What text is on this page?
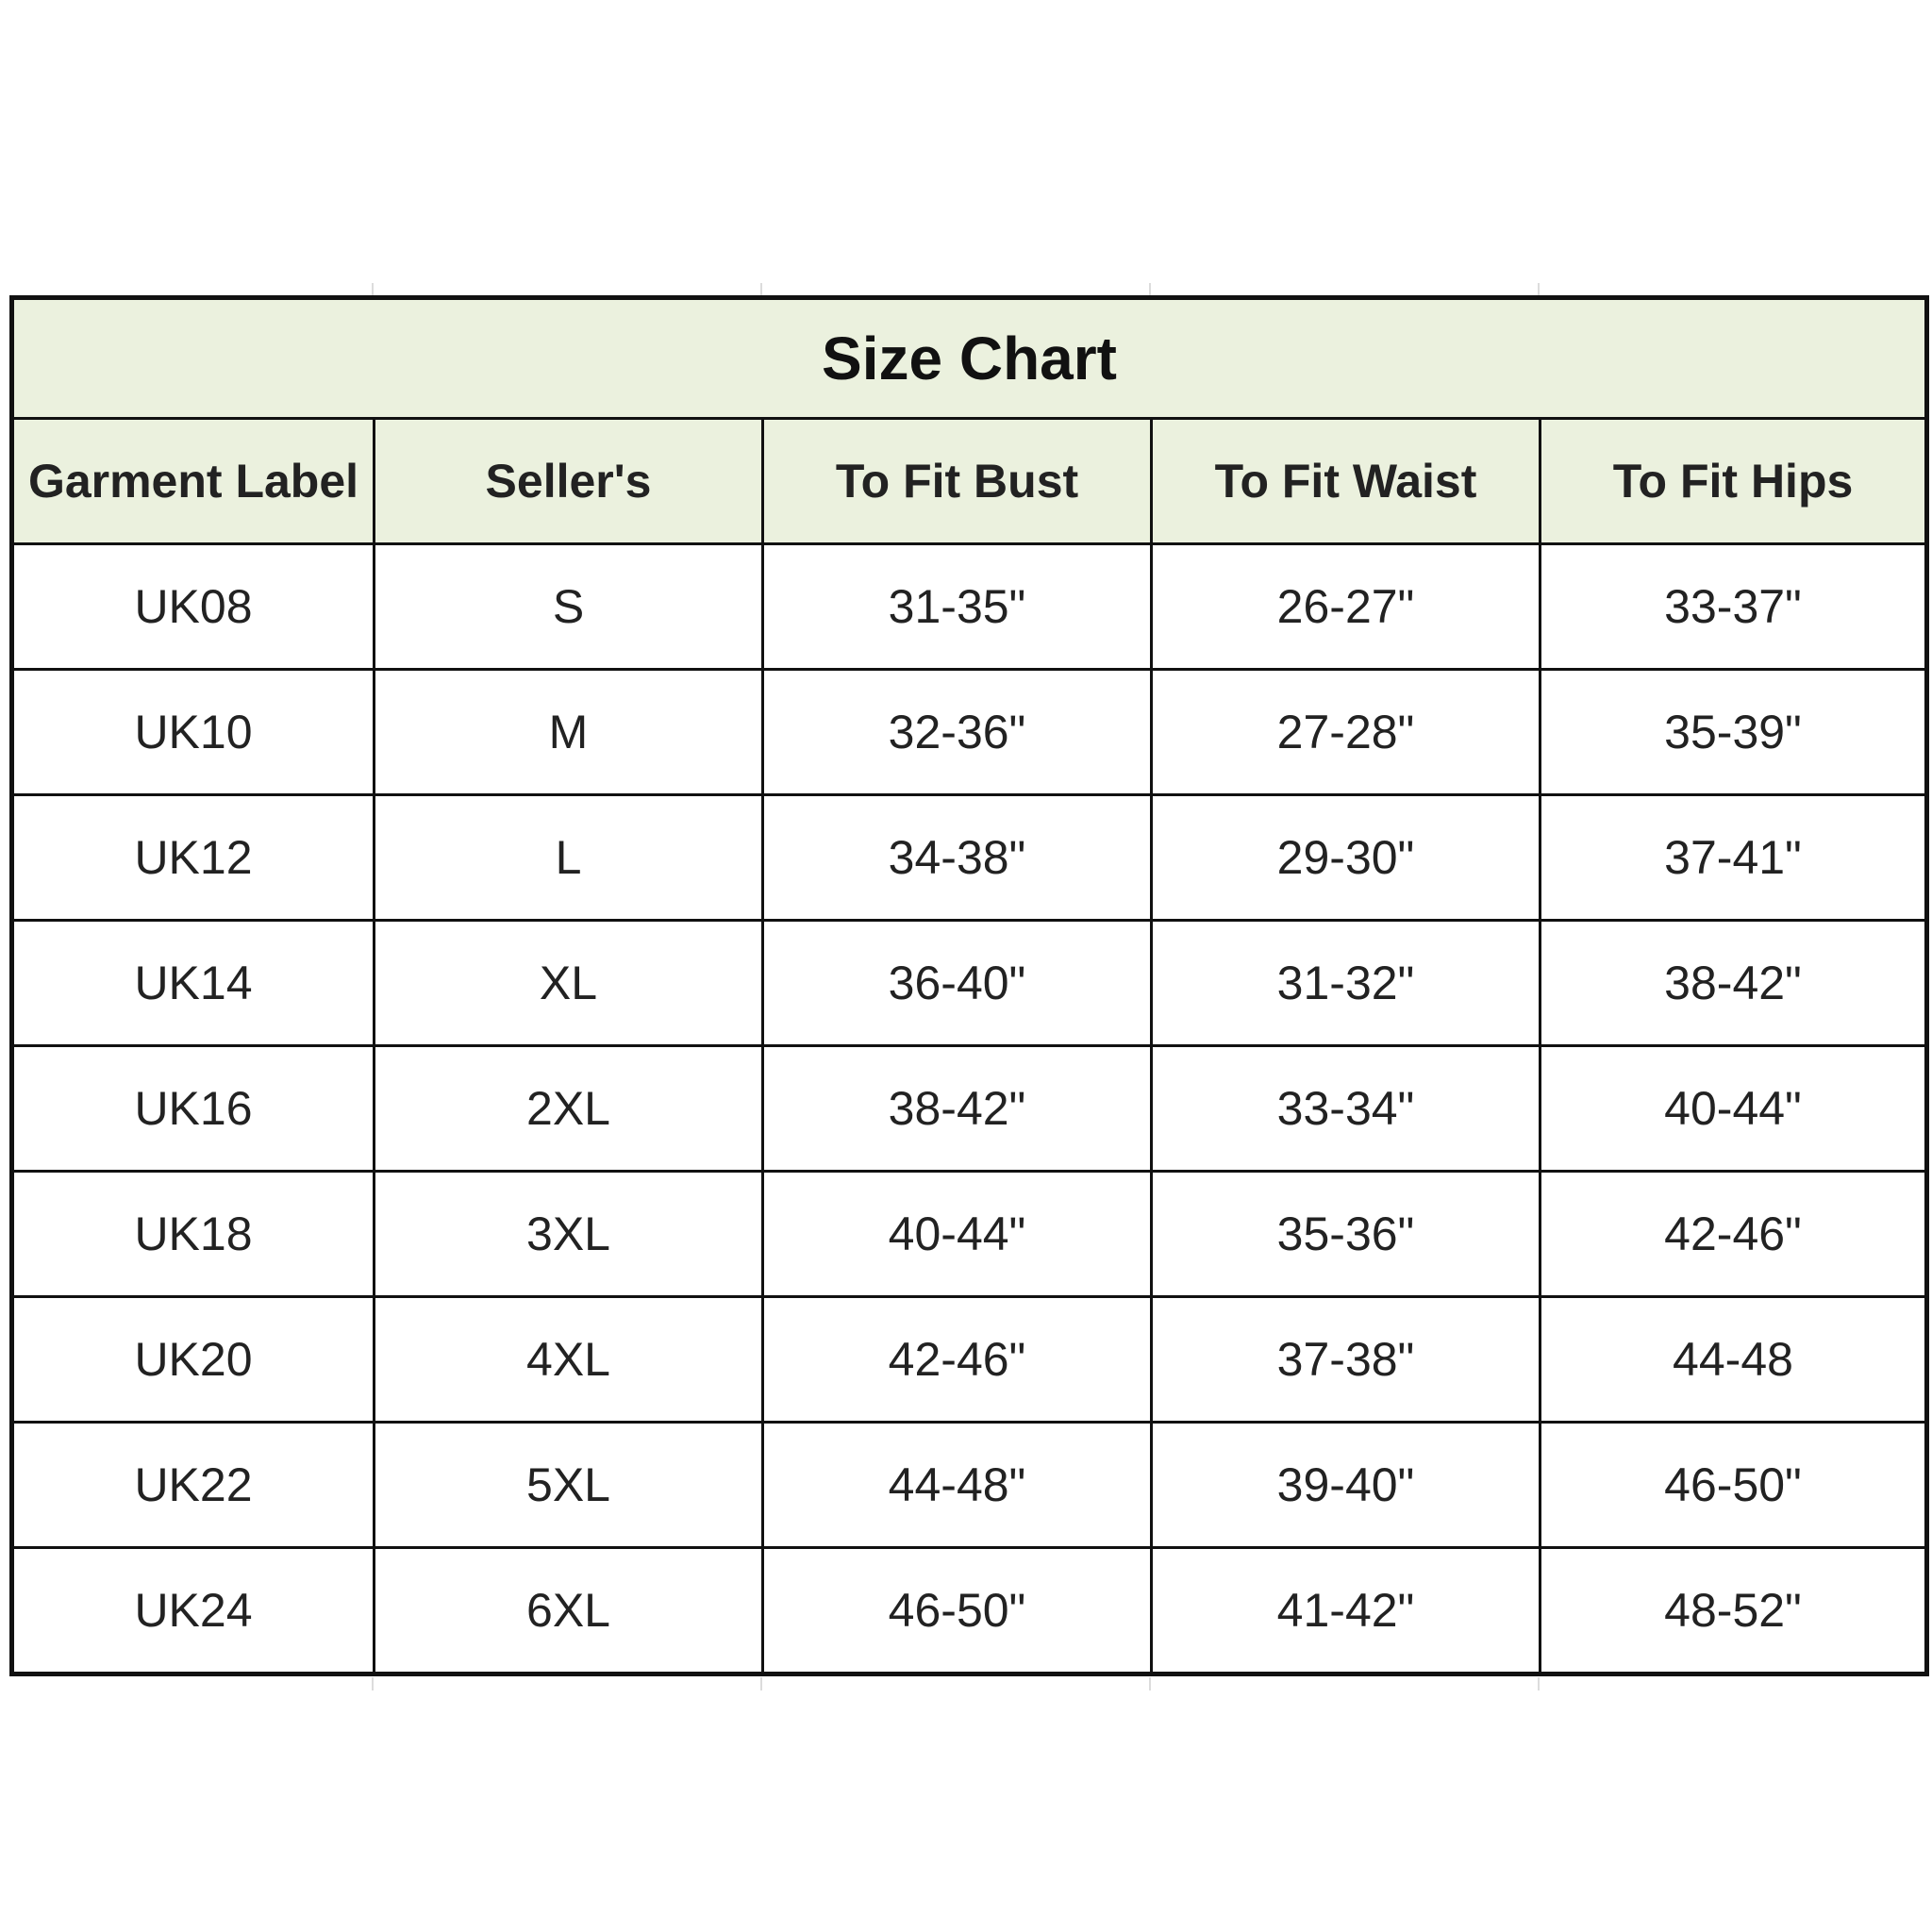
Size Chart				
Garment Label	Seller's	To Fit Bust	To Fit Waist	To Fit Hips
UK08	S	31-35"	26-27"	33-37"
UK10	M	32-36"	27-28"	35-39"
UK12	L	34-38"	29-30"	37-41"
UK14	XL	36-40"	31-32"	38-42"
UK16	2XL	38-42"	33-34"	40-44"
UK18	3XL	40-44"	35-36"	42-46"
UK20	4XL	42-46"	37-38"	44-48
UK22	5XL	44-48"	39-40"	46-50"
UK24	6XL	46-50"	41-42"	48-52"
